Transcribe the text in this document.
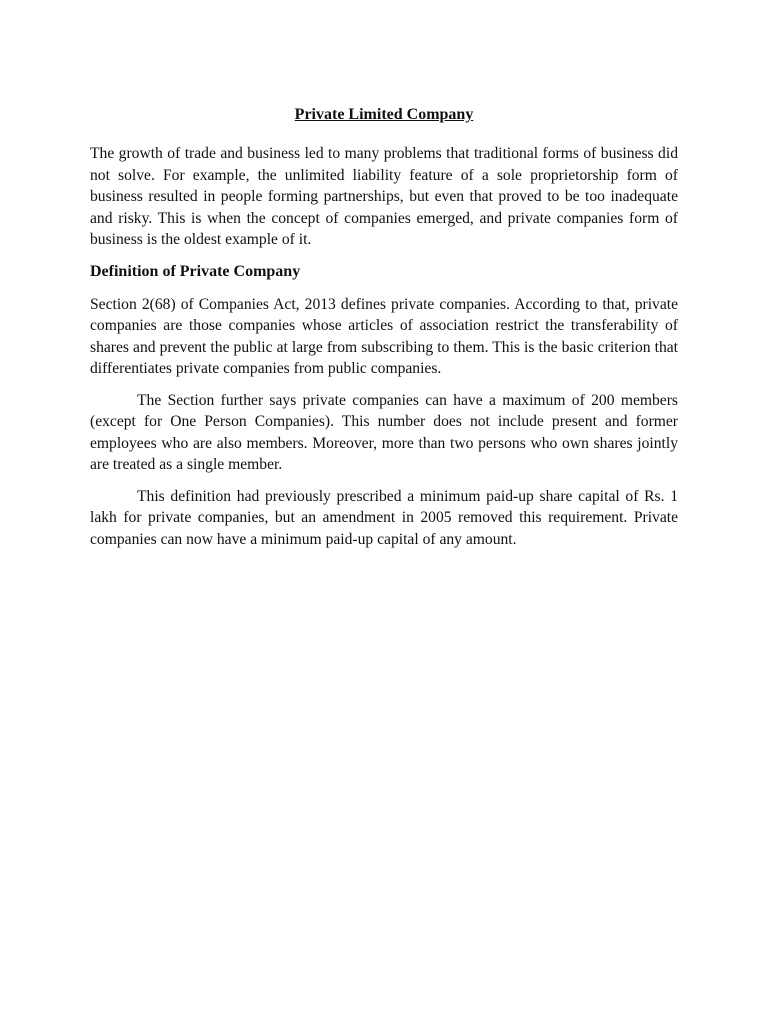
Private Limited Company

The growth of trade and business led to many problems that traditional forms of business did not solve. For example, the unlimited liability feature of a sole proprietorship form of business resulted in people forming partnerships, but even that proved to be too inadequate and risky. This is when the concept of companies emerged, and private companies form of business is the oldest example of it.

Definition of Private Company

Section 2(68) of Companies Act, 2013 defines private companies. According to that, private companies are those companies whose articles of association restrict the transferability of shares and prevent the public at large from subscribing to them. This is the basic criterion that differentiates private companies from public companies.

The Section further says private companies can have a maximum of 200 members (except for One Person Companies). This number does not include present and former employees who are also members. Moreover, more than two persons who own shares jointly are treated as a single member.

This definition had previously prescribed a minimum paid-up share capital of Rs. 1 lakh for private companies, but an amendment in 2005 removed this requirement. Private companies can now have a minimum paid-up capital of any amount.
